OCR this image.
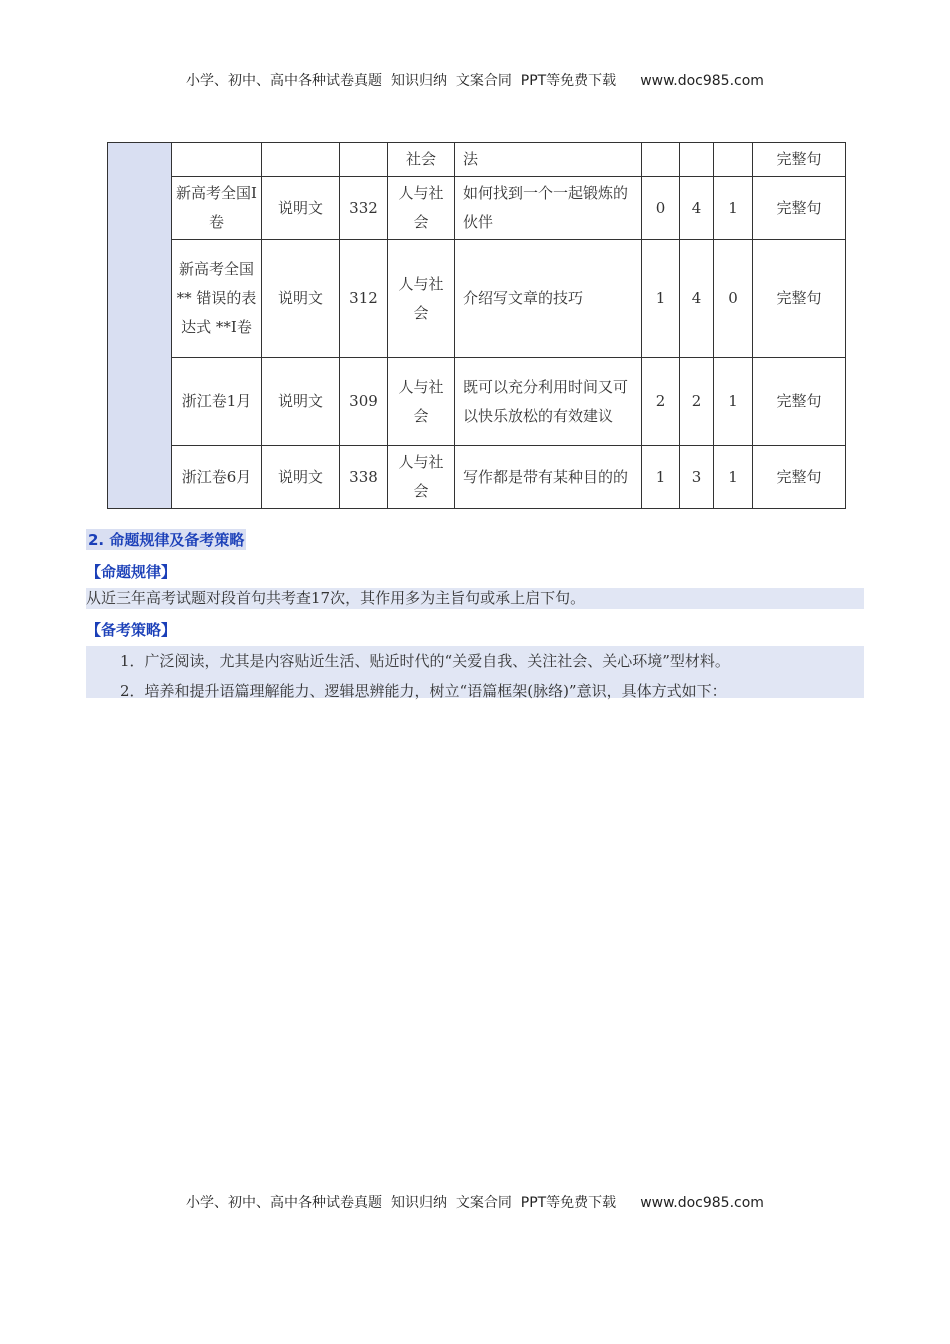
小学、初中、高中各种试卷真题  知识归纳  文案合同  PPT等免费下载 www.doc985.com
				社会	法				完整句
	新高考全国I卷	说明文	332	人与社会	如何找到一个一起锻炼的伙伴	0	4	1	完整句
	新高考全国** 错误的表达式 **I卷	说明文	312	人与社会	介绍写文章的技巧	1	4	0	完整句
	浙江卷1月	说明文	309	人与社会	既可以充分利用时间又可以快乐放松的有效建议	2	2	1	完整句
	浙江卷6月	说明文	338	人与社会	写作都是带有某种目的的	1	3	1	完整句
2. 命题规律及备考策略
【命题规律】
从近三年高考试题对段首句共考查17次，其作用多为主旨句或承上启下句。
【备考策略】
1．广泛阅读，尤其是内容贴近生活、贴近时代的“关爱自我、关注社会、关心环境”型材料。
2．培养和提升语篇理解能力、逻辑思辨能力，树立“语篇框架(脉络)”意识，具体方式如下：
小学、初中、高中各种试卷真题  知识归纳  文案合同  PPT等免费下载 www.doc985.com
